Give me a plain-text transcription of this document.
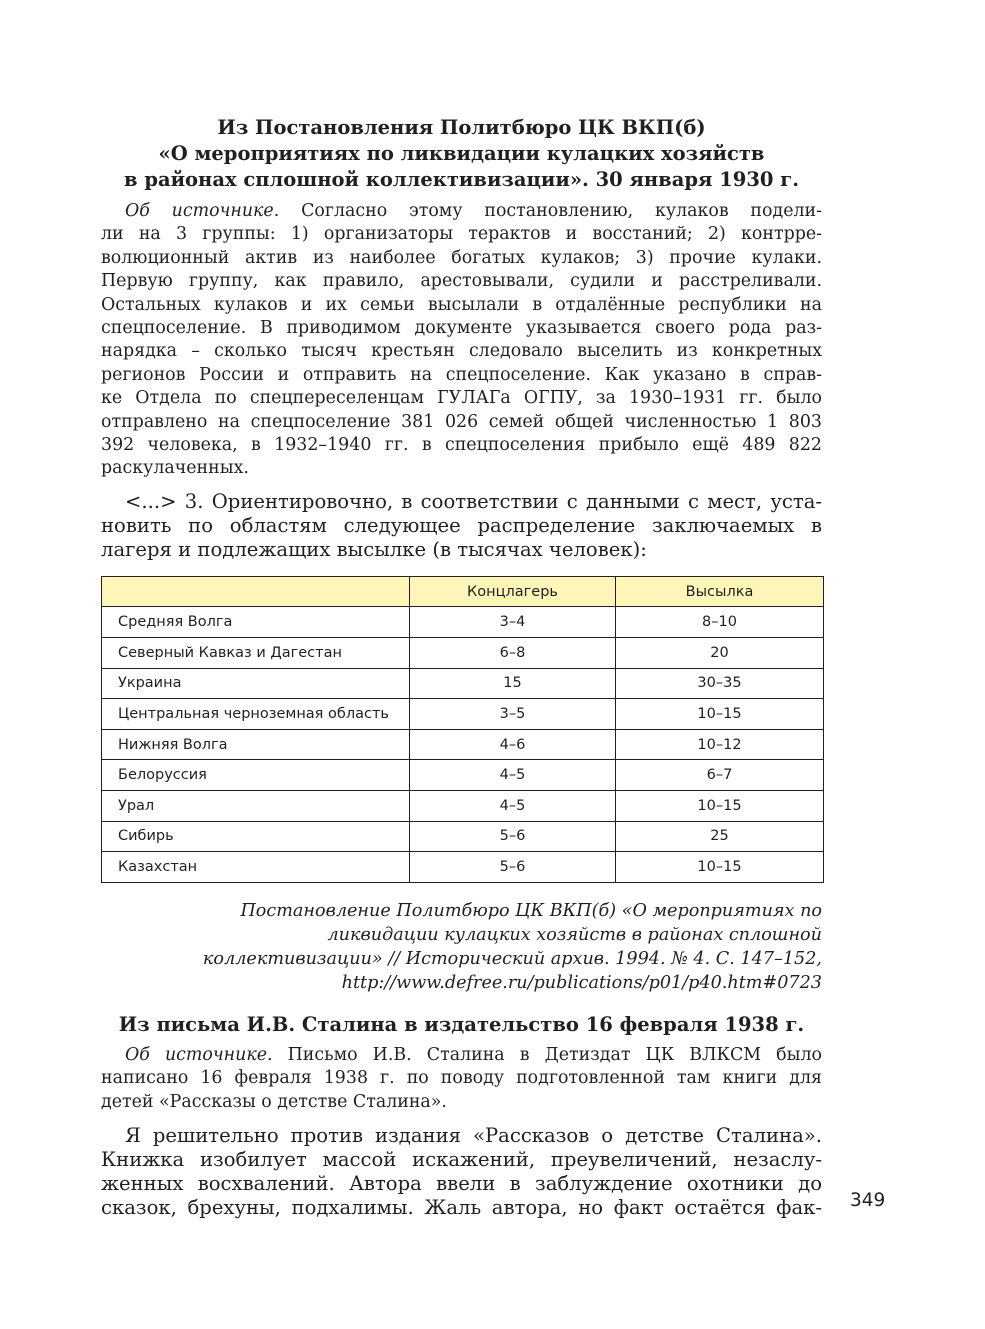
Из Постановления Политбюро ЦК ВКП(б)
«О мероприятиях по ликвидации кулацких хозяйств
в районах сплошной коллективизации». 30 января 1930 г.
Об источнике. Согласно этому постановлению, кулаков подели-
ли на 3 группы: 1) организаторы терактов и восстаний; 2) контрре-
волюционный актив из наиболее богатых кулаков; 3) прочие кулаки.
Первую группу, как правило, арестовывали, судили и расстреливали.
Остальных кулаков и их семьи высылали в отдалённые республики на
спецпоселение. В приводимом документе указывается своего рода раз-
нарядка – сколько тысяч крестьян следовало выселить из конкретных
регионов России и отправить на спецпоселение. Как указано в справ-
ке Отдела по спецпереселенцам ГУЛАГа ОГПУ, за 1930–1931 гг. было
отправлено на спецпоселение 381 026 семей общей численностью 1 803
392 человека, в 1932–1940 гг. в спецпоселения прибыло ещё 489 822
раскулаченных.
<...> 3. Ориентировочно, в соответствии с данными с мест, уста-
новить по областям следующее распределение заключаемых в
лагеря и подлежащих высылке (в тысячах человек):
	Концлагерь	Высылка
Средняя Волга	3–4	8–10
Северный Кавказ и Дагестан	6–8	20
Украина	15	30–35
Центральная черноземная область	3–5	10–15
Нижняя Волга	4–6	10–12
Белоруссия	4–5	6–7
Урал	4–5	10–15
Сибирь	5–6	25
Казахстан	5–6	10–15
Постановление Политбюро ЦК ВКП(б) «О мероприятиях по
ликвидации кулацких хозяйств в районах сплошной
коллективизации» // Исторический архив. 1994. № 4. С. 147–152,
http://www.defree.ru/publications/p01/p40.htm#0723
Из письма И.В. Сталина в издательство 16 февраля 1938 г.
Об источнике. Письмо И.В. Сталина в Детиздат ЦК ВЛКСМ было
написано 16 февраля 1938 г. по поводу подготовленной там книги для
детей «Рассказы о детстве Сталина».
Я решительно против издания «Рассказов о детстве Сталина».
Книжка изобилует массой искажений, преувеличений, незаслу-
женных восхвалений. Автора ввели в заблуждение охотники до
сказок, брехуны, подхалимы. Жаль автора, но факт остаётся фак- 349
